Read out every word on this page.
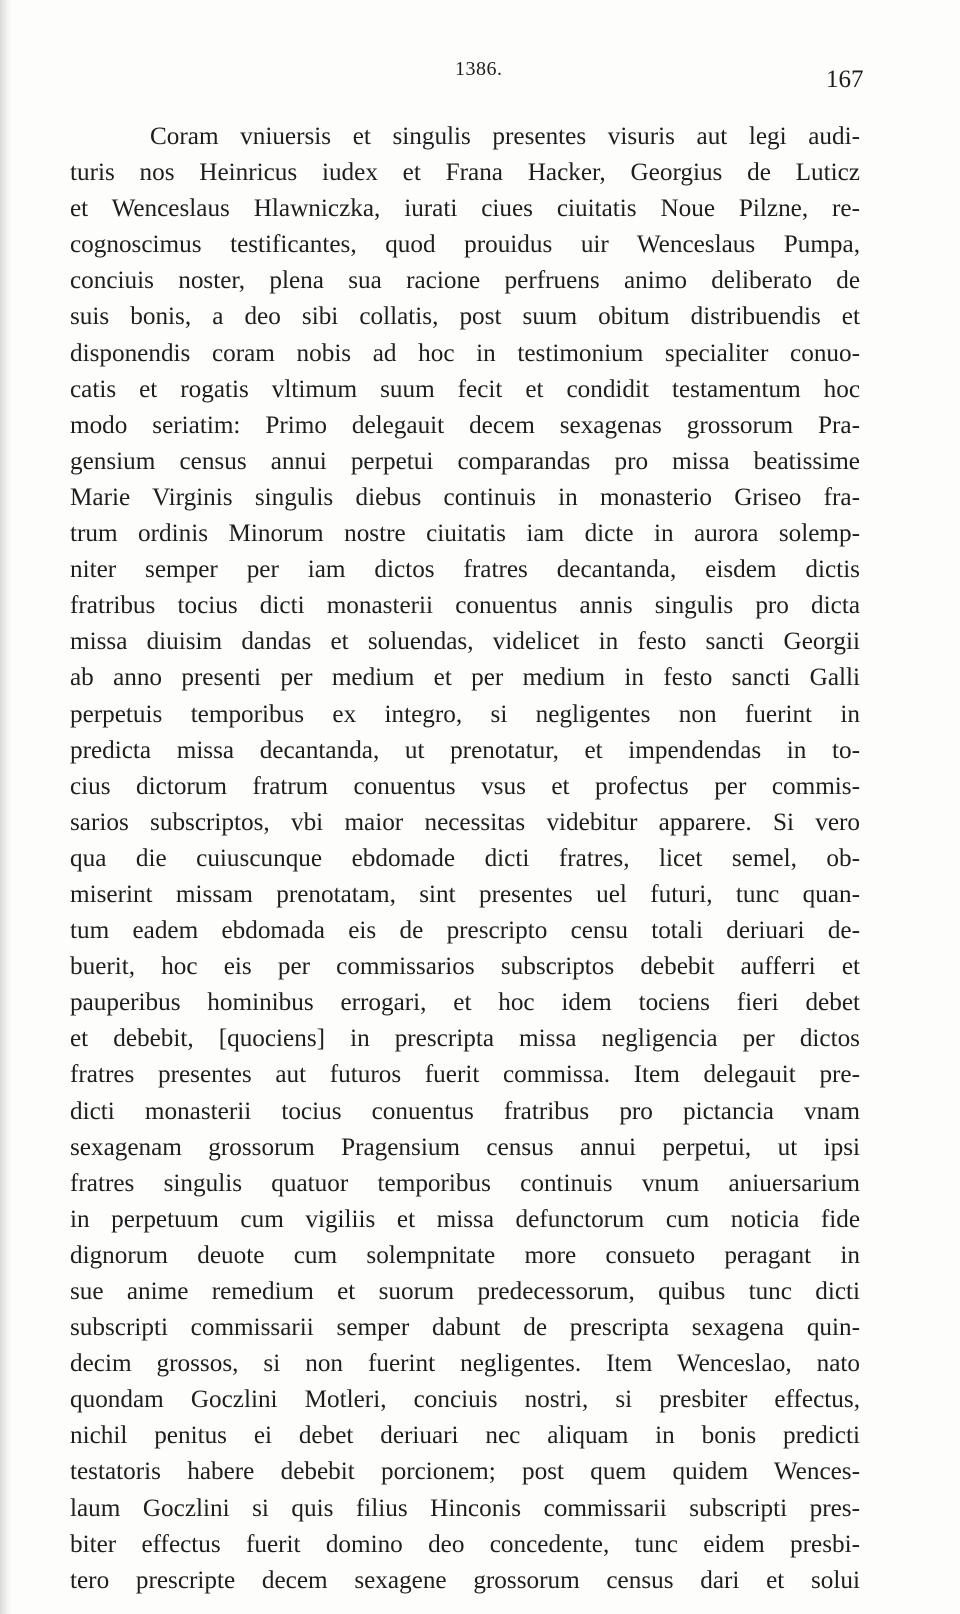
1386.	167
Coram vniuersis et singulis presentes visuris aut legi audi-
turis nos Heinricus iudex et Frana Hacker, Georgius de Luticz
et Wenceslaus Hlawniczka, iurati ciues ciuitatis Noue Pilzne, re-
cognoscimus testificantes, quod prouidus uir Wenceslaus Pumpa,
conciuis noster, plena sua racione perfruens animo deliberato de
suis bonis, a deo sibi collatis, post suum obitum distribuendis et
disponendis coram nobis ad hoc in testimonium specialiter conuo-
catis et rogatis vltimum suum fecit et condidit testamentum hoc
modo seriatim: Primo delegauit decem sexagenas grossorum Pra-
gensium census annui perpetui comparandas pro missa beatissime
Marie Virginis singulis diebus continuis in monasterio Griseo fra-
trum ordinis Minorum nostre ciuitatis iam dicte in aurora solemp-
niter semper per iam dictos fratres decantanda, eisdem dictis
fratribus tocius dicti monasterii conuentus annis singulis pro dicta
missa diuisim dandas et soluendas, videlicet in festo sancti Georgii
ab anno presenti per medium et per medium in festo sancti Galli
perpetuis temporibus ex integro, si negligentes non fuerint in
predicta missa decantanda, ut prenotatur, et impendendas in to-
cius dictorum fratrum conuentus vsus et profectus per commis-
sarios subscriptos, vbi maior necessitas videbitur apparere. Si vero
qua die cuiuscunque ebdomade dicti fratres, licet semel, ob-
miserint missam prenotatam, sint presentes uel futuri, tunc quan-
tum eadem ebdomada eis de prescripto censu totali deriuari de-
buerit, hoc eis per commissarios subscriptos debebit aufferri et
pauperibus hominibus errogari, et hoc idem tociens fieri debet
et debebit, [quociens] in prescripta missa negligencia per dictos
fratres presentes aut futuros fuerit commissa. Item delegauit pre-
dicti monasterii tocius conuentus fratribus pro pictancia vnam
sexagenam grossorum Pragensium census annui perpetui, ut ipsi
fratres singulis quatuor temporibus continuis vnum aniuersarium
in perpetuum cum vigiliis et missa defunctorum cum noticia fide
dignorum deuote cum solempnitate more consueto peragant in
sue anime remedium et suorum predecessorum, quibus tunc dicti
subscripti commissarii semper dabunt de prescripta sexagena quin-
decim grossos, si non fuerint negligentes. Item Wenceslao, nato
quondam Goczlini Motleri, conciuis nostri, si presbiter effectus,
nichil penitus ei debet deriuari nec aliquam in bonis predicti
testatoris habere debebit porcionem; post quem quidem Wences-
laum Goczlini si quis filius Hinconis commissarii subscripti pres-
biter effectus fuerit domino deo concedente, tunc eidem presbi-
tero prescripte decem sexagene grossorum census dari et solui
